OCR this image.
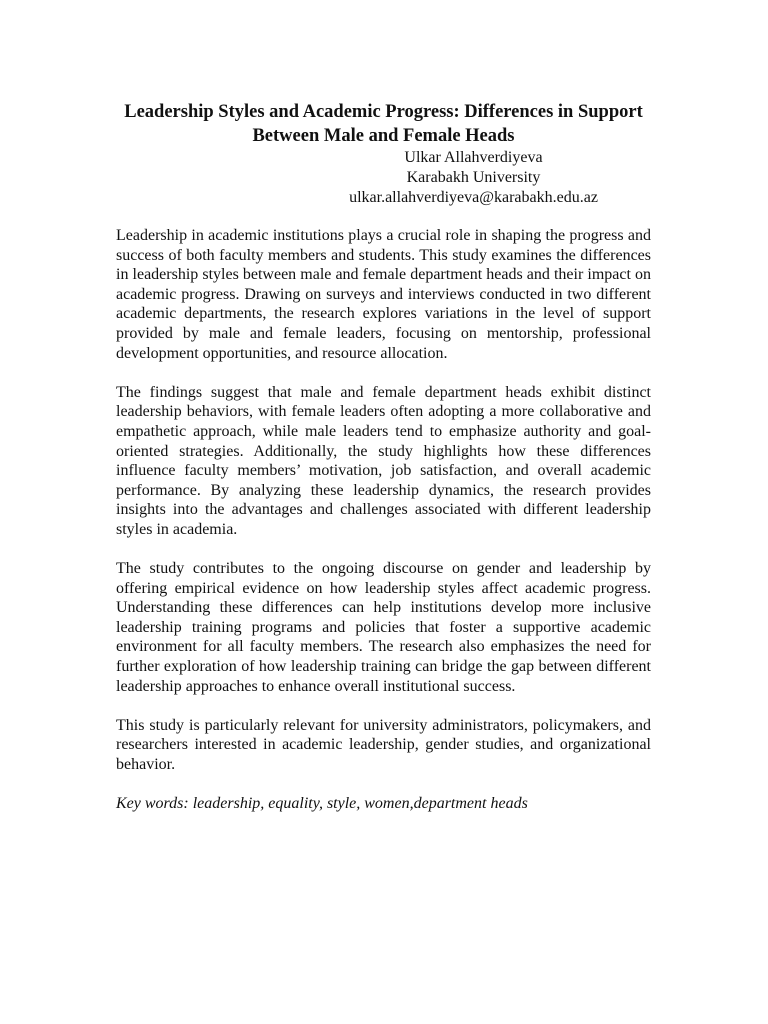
Leadership Styles and Academic Progress: Differences in Support Between Male and Female Heads
Ulkar Allahverdiyeva
Karabakh University
ulkar.allahverdiyeva@karabakh.edu.az

Leadership in academic institutions plays a crucial role in shaping the progress and success of both faculty members and students. This study examines the differences in leadership styles between male and female department heads and their impact on academic progress. Drawing on surveys and interviews conducted in two different academic departments, the research explores variations in the level of support provided by male and female leaders, focusing on mentorship, professional development opportunities, and resource allocation.

The findings suggest that male and female department heads exhibit distinct leadership behaviors, with female leaders often adopting a more collaborative and empathetic approach, while male leaders tend to emphasize authority and goal-oriented strategies. Additionally, the study highlights how these differences influence faculty members’ motivation, job satisfaction, and overall academic performance. By analyzing these leadership dynamics, the research provides insights into the advantages and challenges associated with different leadership styles in academia.

The study contributes to the ongoing discourse on gender and leadership by offering empirical evidence on how leadership styles affect academic progress. Understanding these differences can help institutions develop more inclusive leadership training programs and policies that foster a supportive academic environment for all faculty members. The research also emphasizes the need for further exploration of how leadership training can bridge the gap between different leadership approaches to enhance overall institutional success.

This study is particularly relevant for university administrators, policymakers, and researchers interested in academic leadership, gender studies, and organizational behavior.

Key words: leadership, equality, style, women,department heads
